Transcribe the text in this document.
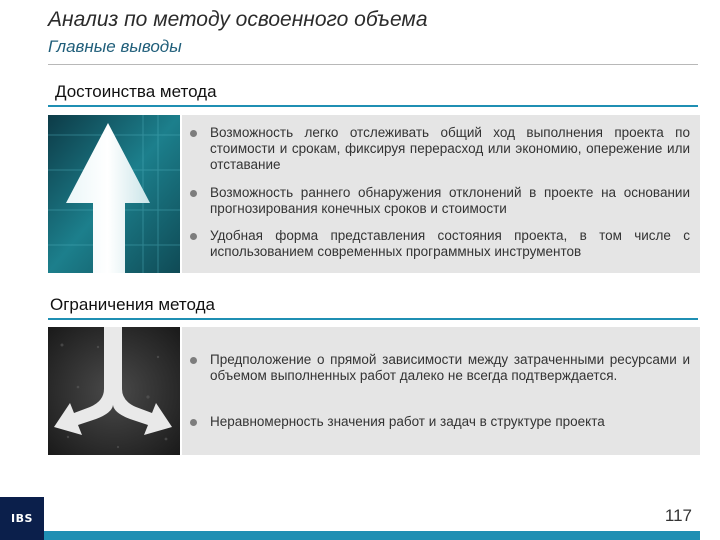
Анализ по методу освоенного объема
Главные выводы
Достоинства метода
Возможность легко отслеживать общий ход выполнения проекта по стоимости и срокам, фиксируя перерасход или экономию, опережение или отставание
Возможность раннего обнаружения отклонений в проекте на основании прогнозирования конечных сроков и стоимости
Удобная форма представления состояния проекта, в том числе с использованием современных программных инструментов
Ограничения метода
Предположение о прямой зависимости между затраченными ресурсами и объемом выполненных работ далеко не всегда подтверждается.
Неравномерность значения работ и задач в структуре проекта
IBS	117
